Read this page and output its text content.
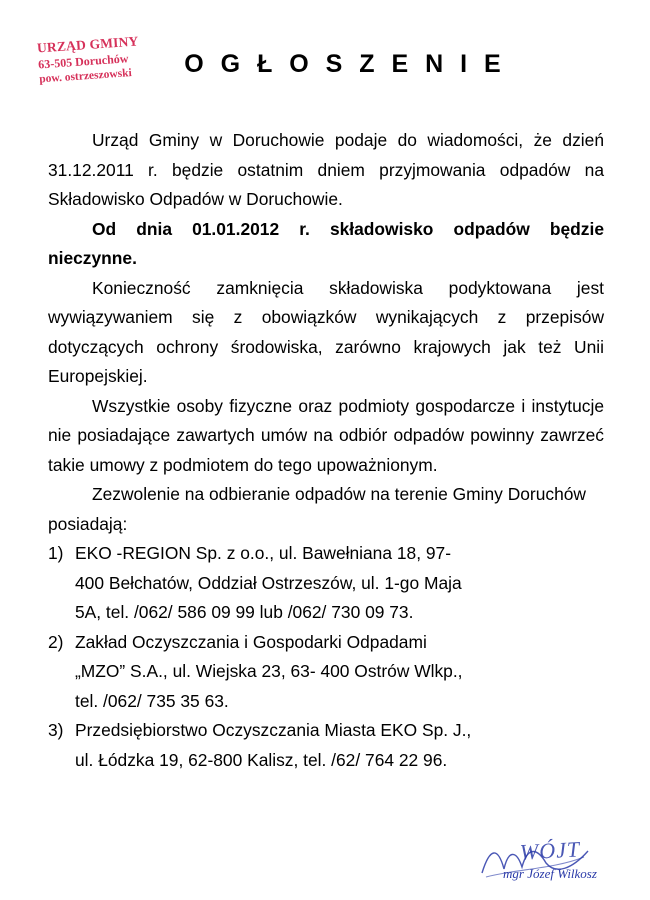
URZĄD GMINY
63-505 Doruchów
pow. ostrzeszowski	O G Ł O S Z E N I E

Urząd Gminy w Doruchowie podaje do wiadomości, że dzień 31.12.2011 r. będzie ostatnim dniem przyjmowania odpadów na Składowisko Odpadów w Doruchowie.

Od dnia 01.01.2012 r. składowisko odpadów będzie nieczynne.

Konieczność zamknięcia składowiska podyktowana jest wywiązywaniem się z obowiązków wynikających z przepisów dotyczących ochrony środowiska, zarówno krajowych jak też Unii Europejskiej.

Wszystkie osoby fizyczne oraz podmioty gospodarcze i instytucje nie posiadające zawartych umów na odbiór odpadów powinny zawrzeć takie umowy z podmiotem do tego upoważnionym.

Zezwolenie na odbieranie odpadów na terenie Gminy Doruchów posiadają:

1) EKO -REGION Sp. z o.o., ul. Bawełniana 18, 97-
400 Bełchatów, Oddział Ostrzeszów, ul. 1-go Maja
5A, tel. /062/ 586 09 99 lub /062/ 730 09 73.
2) Zakład Oczyszczania i Gospodarki Odpadami
„MZO” S.A., ul. Wiejska 23, 63- 400 Ostrów Wlkp.,
tel. /062/ 735 35 63.
3) Przedsiębiorstwo Oczyszczania Miasta EKO Sp. J.,
ul. Łódzka 19, 62-800 Kalisz, tel. /62/ 764 22 96.
WÓJT
mgr Józef Wilkosz
